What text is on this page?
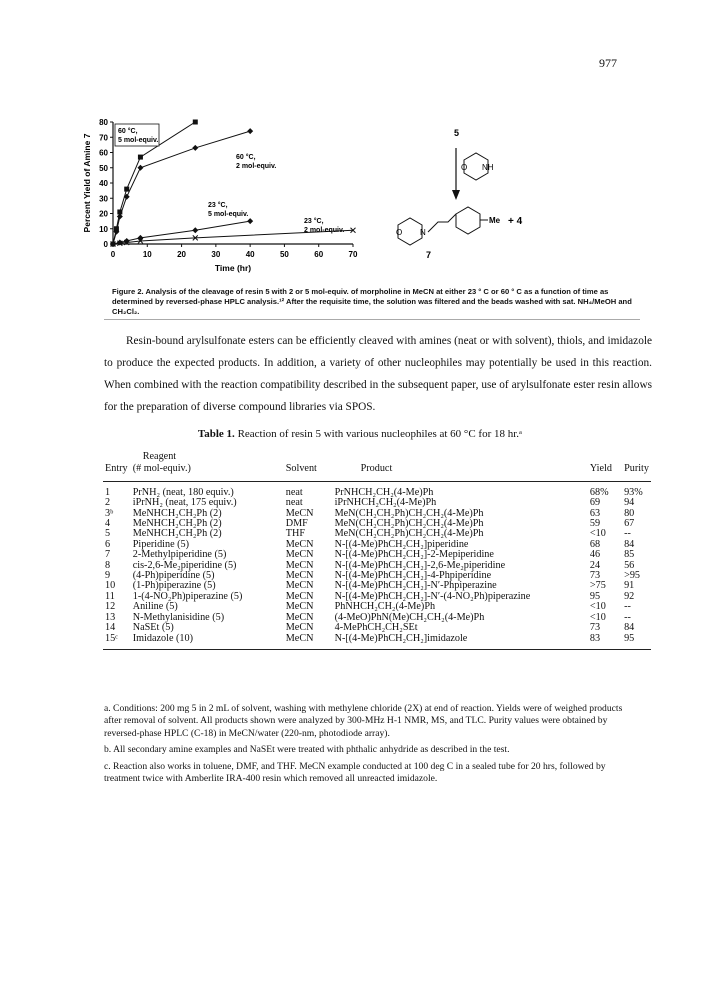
977
0	10	20	30	40	50	60	70
0
10
20
30
40
50
60
70
80
Time (hr)
Percent Yield of Amine 7
60 °C,
5 mol-equiv.
60 °C,
2 mol-equiv.
23 °C,
5 mol-equiv.
23 °C,
2 mol-equiv.
5
O NH
O N
Me + 4
7
Figure 2. Analysis of the cleavage of resin 5 with 2 or 5 mol-equiv. of morpholine in MeCN at either 23 ° C or 60 ° C as a function of time as determined by reversed-phase HPLC analysis.¹² After the requisite time, the solution was filtered and the beads washed with sat. NH₄/MeOH and CH₂Cl₂.
Resin-bound arylsulfonate esters can be efficiently cleaved with amines (neat or with solvent), thiols, and imidazole to produce the expected products. In addition, a variety of other nucleophiles may potentially be used in this reaction. When combined with the reaction compatibility described in the subsequent paper, use of arylsulfonate ester resin allows for the preparation of diverse compound libraries via SPOS.
Table 1. Reaction of resin 5 with various nucleophiles at 60 °C for 18 hr.ᵃ
	Reagent				
Entry	(# mol-equiv.)	Solvent	Product	Yield	Purity
1	PrNH₂ (neat, 180 equiv.)	neat	PrNHCH₂CH₂(4-Me)Ph	68%	93%
2	iPrNH₂ (neat, 175 equiv.)	neat	iPrNHCH₂CH₂(4-Me)Ph	69	94
3ᵇ	MeNHCH₂CH₂Ph (2)	MeCN	MeN(CH₂CH₂Ph)CH₂CH₂(4-Me)Ph	63	80
4	MeNHCH₂CH₂Ph (2)	DMF	MeN(CH₂CH₂Ph)CH₂CH₂(4-Me)Ph	59	67
5	MeNHCH₂CH₂Ph (2)	THF	MeN(CH₂CH₂Ph)CH₂CH₂(4-Me)Ph	<10	--
6	Piperidine (5)	MeCN	N-[(4-Me)PhCH₂CH₂]piperidine	68	84
7	2-Methylpiperidine (5)	MeCN	N-[(4-Me)PhCH₂CH₂]-2-Mepiperidine	46	85
8	cis-2,6-Me₂piperidine (5)	MeCN	N-[(4-Me)PhCH₂CH₂]-2,6-Me₂piperidine	24	56
9	(4-Ph)piperidine (5)	MeCN	N-[(4-Me)PhCH₂CH₂]-4-Phpiperidine	73	>95
10	(1-Ph)piperazine (5)	MeCN	N-[(4-Me)PhCH₂CH₂]-N′-Phpiperazine	>75	91
11	1-(4-NO₂Ph)piperazine (5)	MeCN	N-[(4-Me)PhCH₂CH₂]-N′-(4-NO₂Ph)piperazine	95	92
12	Aniline (5)	MeCN	PhNHCH₂CH₂(4-Me)Ph	<10	--
13	N-Methylanisidine (5)	MeCN	(4-MeO)PhN(Me)CH₂CH₂(4-Me)Ph	<10	--
14	NaSEt (5)	MeCN	4-MePhCH₂CH₂SEt	73	84
15ᶜ	Imidazole (10)	MeCN	N-[(4-Me)PhCH₂CH₂]imidazole	83	95

a. Conditions: 200 mg 5 in 2 mL of solvent, washing with methylene chloride (2X) at end of reaction. Yields were of weighed products after removal of solvent. All products shown were analyzed by 300-MHz H-1 NMR, MS, and TLC. Purity values were obtained by reversed-phase HPLC (C-18) in MeCN/water (220-nm, photodiode array).

b. All secondary amine examples and NaSEt were treated with phthalic anhydride as described in the test.

c. Reaction also works in toluene, DMF, and THF. MeCN example conducted at 100 deg C in a sealed tube for 20 hrs, followed by treatment twice with Amberlite IRA-400 resin which removed all unreacted imidazole.
